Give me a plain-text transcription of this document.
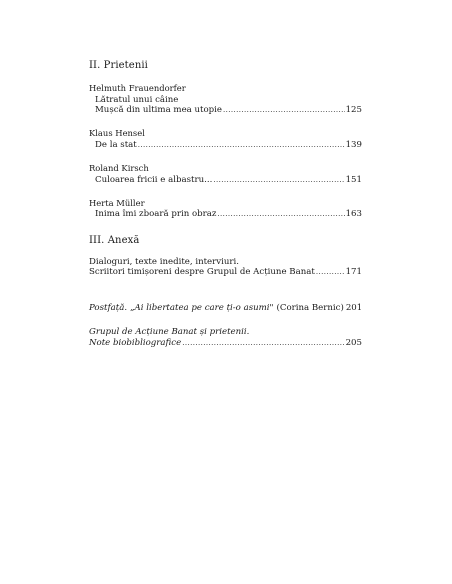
II. Prietenii
Helmuth Frauendorfer
Lătratul unui câine
Mușcă din ultima mea utopie .....	125
Klaus Hensel
De la stat .....	139
Roland Kirsch
Culoarea fricii e albastru... .....	151
Herta Müller
Inima îmi zboară prin obraz .....	163
III. Anexă
Dialoguri, texte inedite, interviuri.
Scriitori timișoreni despre Grupul de Acțiune Banat .....	171
Postfață. „Ai libertatea pe care ți-o asumi" (Corina Bernic) 201
Grupul de Acțiune Banat și prietenii.
Note biobibliografice .....	205
